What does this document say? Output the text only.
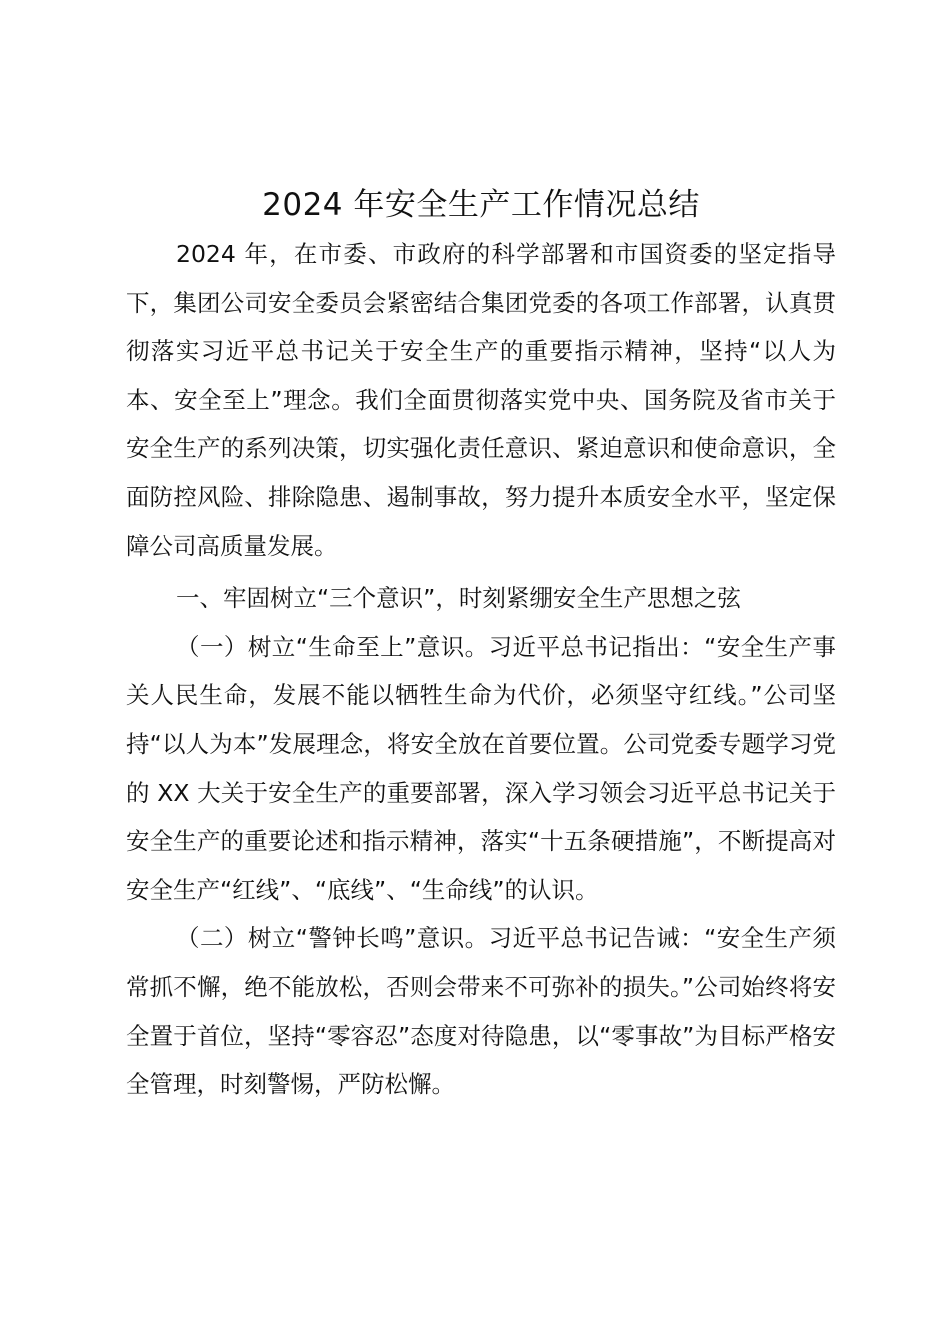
2024 年安全生产工作情况总结

2024 年，在市委、市政府的科学部署和市国资委的坚定指导下，集团公司安全委员会紧密结合集团党委的各项工作部署，认真贯彻落实习近平总书记关于安全生产的重要指示精神，坚持“以人为本、安全至上”理念。我们全面贯彻落实党中央、国务院及省市关于安全生产的系列决策，切实强化责任意识、紧迫意识和使命意识，全面防控风险、排除隐患、遏制事故，努力提升本质安全水平，坚定保障公司高质量发展。

一、牢固树立“三个意识”，时刻紧绷安全生产思想之弦

（一）树立“生命至上”意识。习近平总书记指出：“安全生产事关人民生命，发展不能以牺牲生命为代价，必须坚守红线。”公司坚持“以人为本”发展理念，将安全放在首要位置。公司党委专题学习党的 XX 大关于安全生产的重要部署，深入学习领会习近平总书记关于安全生产的重要论述和指示精神，落实“十五条硬措施”，不断提高对安全生产“红线”、“底线”、“生命线”的认识。

（二）树立“警钟长鸣”意识。习近平总书记告诫：“安全生产须常抓不懈，绝不能放松，否则会带来不可弥补的损失。”公司始终将安全置于首位，坚持“零容忍”态度对待隐患，以“零事故”为目标严格安全管理，时刻警惕，严防松懈。
